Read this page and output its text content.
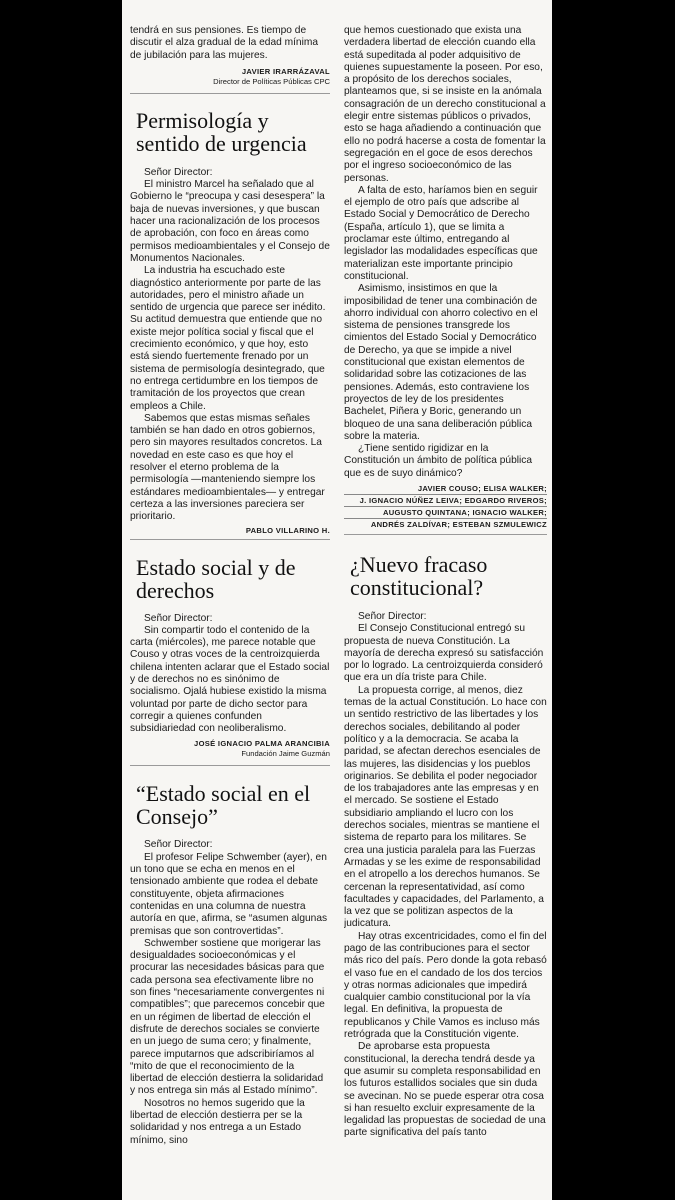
tendrá en sus pensiones. Es tiempo de discutir el alza gradual de la edad mínima de jubilación para las mujeres.

JAVIER IRARRÁZAVAL

Director de Políticas Públicas CPC

Permisología y sentido de urgencia

Señor Director:

El ministro Marcel ha señalado que al Gobierno le “preocupa y casi desespera” la baja de nuevas inversiones, y que buscan hacer una racionalización de los procesos de aprobación, con foco en áreas como permisos medioambientales y el Consejo de Monumentos Nacionales.

La industria ha escuchado este diagnóstico anteriormente por parte de las autoridades, pero el ministro añade un sentido de urgencia que parece ser inédito. Su actitud demuestra que entiende que no existe mejor política social y fiscal que el crecimiento económico, y que hoy, esto está siendo fuertemente frenado por un sistema de permisología desintegrado, que no entrega certidumbre en los tiempos de tramitación de los proyectos que crean empleos a Chile.

Sabemos que estas mismas señales también se han dado en otros gobiernos, pero sin mayores resultados concretos. La novedad en este caso es que hoy el resolver el eterno problema de la permisología —manteniendo siempre los estándares medioambientales— y entregar certeza a las inversiones pareciera ser prioritario.

PABLO VILLARINO H.

Estado social y de derechos

Señor Director:

Sin compartir todo el contenido de la carta (miércoles), me parece notable que Couso y otras voces de la centroizquierda chilena intenten aclarar que el Estado social y de derechos no es sinónimo de socialismo. Ojalá hubiese existido la misma voluntad por parte de dicho sector para corregir a quienes confunden subsidiariedad con neoliberalismo.

JOSÉ IGNACIO PALMA ARANCIBIA

Fundación Jaime Guzmán

“Estado social en el Consejo”

Señor Director:

El profesor Felipe Schwember (ayer), en un tono que se echa en menos en el tensionado ambiente que rodea el debate constituyente, objeta afirmaciones contenidas en una columna de nuestra autoría en que, afirma, se “asumen algunas premisas que son controvertidas”.

Schwember sostiene que morigerar las desigualdades socioeconómicas y el procurar las necesidades básicas para que cada persona sea efectivamente libre no son fines “necesariamente convergentes ni compatibles”; que parecemos concebir que en un régimen de libertad de elección el disfrute de derechos sociales se convierte en un juego de suma cero; y finalmente, parece imputarnos que adscribiríamos al “mito de que el reconocimiento de la libertad de elección destierra la solidaridad y nos entrega sin más al Estado mínimo”.

Nosotros no hemos sugerido que la libertad de elección destierra per se la solidaridad y nos entrega a un Estado mínimo, sino

que hemos cuestionado que exista una verdadera libertad de elección cuando ella está supeditada al poder adquisitivo de quienes supuestamente la poseen. Por eso, a propósito de los derechos sociales, planteamos que, si se insiste en la anómala consagración de un derecho constitucional a elegir entre sistemas públicos o privados, esto se haga añadiendo a continuación que ello no podrá hacerse a costa de fomentar la segregación en el goce de esos derechos por el ingreso socioeconómico de las personas.

A falta de esto, haríamos bien en seguir el ejemplo de otro país que adscribe al Estado Social y Democrático de Derecho (España, artículo 1), que se limita a proclamar este último, entregando al legislador las modalidades específicas que materializan este importante principio constitucional.

Asimismo, insistimos en que la imposibilidad de tener una combinación de ahorro individual con ahorro colectivo en el sistema de pensiones transgrede los cimientos del Estado Social y Democrático de Derecho, ya que se impide a nivel constitucional que existan elementos de solidaridad sobre las cotizaciones de las pensiones. Además, esto contraviene los proyectos de ley de los presidentes Bachelet, Piñera y Boric, generando un bloqueo de una sana deliberación pública sobre la materia.

¿Tiene sentido rigidizar en la Constitución un ámbito de política pública que es de suyo dinámico?

JAVIER COUSO; ELISA WALKER;

J. IGNACIO NÚÑEZ LEIVA; EDGARDO RIVEROS;

AUGUSTO QUINTANA; IGNACIO WALKER;

ANDRÉS ZALDÍVAR; ESTEBAN SZMULEWICZ

¿Nuevo fracaso constitucional?

Señor Director:

El Consejo Constitucional entregó su propuesta de nueva Constitución. La mayoría de derecha expresó su satisfacción por lo logrado. La centroizquierda consideró que era un día triste para Chile.

La propuesta corrige, al menos, diez temas de la actual Constitución. Lo hace con un sentido restrictivo de las libertades y los derechos sociales, debilitando al poder político y a la democracia. Se acaba la paridad, se afectan derechos esenciales de las mujeres, las disidencias y los pueblos originarios. Se debilita el poder negociador de los trabajadores ante las empresas y en el mercado. Se sostiene el Estado subsidiario ampliando el lucro con los derechos sociales, mientras se mantiene el sistema de reparto para los militares. Se crea una justicia paralela para las Fuerzas Armadas y se les exime de responsabilidad en el atropello a los derechos humanos. Se cercenan la representatividad, así como facultades y capacidades, del Parlamento, a la vez que se politizan aspectos de la judicatura.

Hay otras excentricidades, como el fin del pago de las contribuciones para el sector más rico del país. Pero donde la gota rebasó el vaso fue en el candado de los dos tercios y otras normas adicionales que impedirá cualquier cambio constitucional por la vía legal. En definitiva, la propuesta de republicanos y Chile Vamos es incluso más retrógrada que la Constitución vigente.

De aprobarse esta propuesta constitucional, la derecha tendrá desde ya que asumir su completa responsabilidad en los futuros estallidos sociales que sin duda se avecinan. No se puede esperar otra cosa si han resuelto excluir expresamente de la legalidad las propuestas de sociedad de una parte significativa del país tanto
